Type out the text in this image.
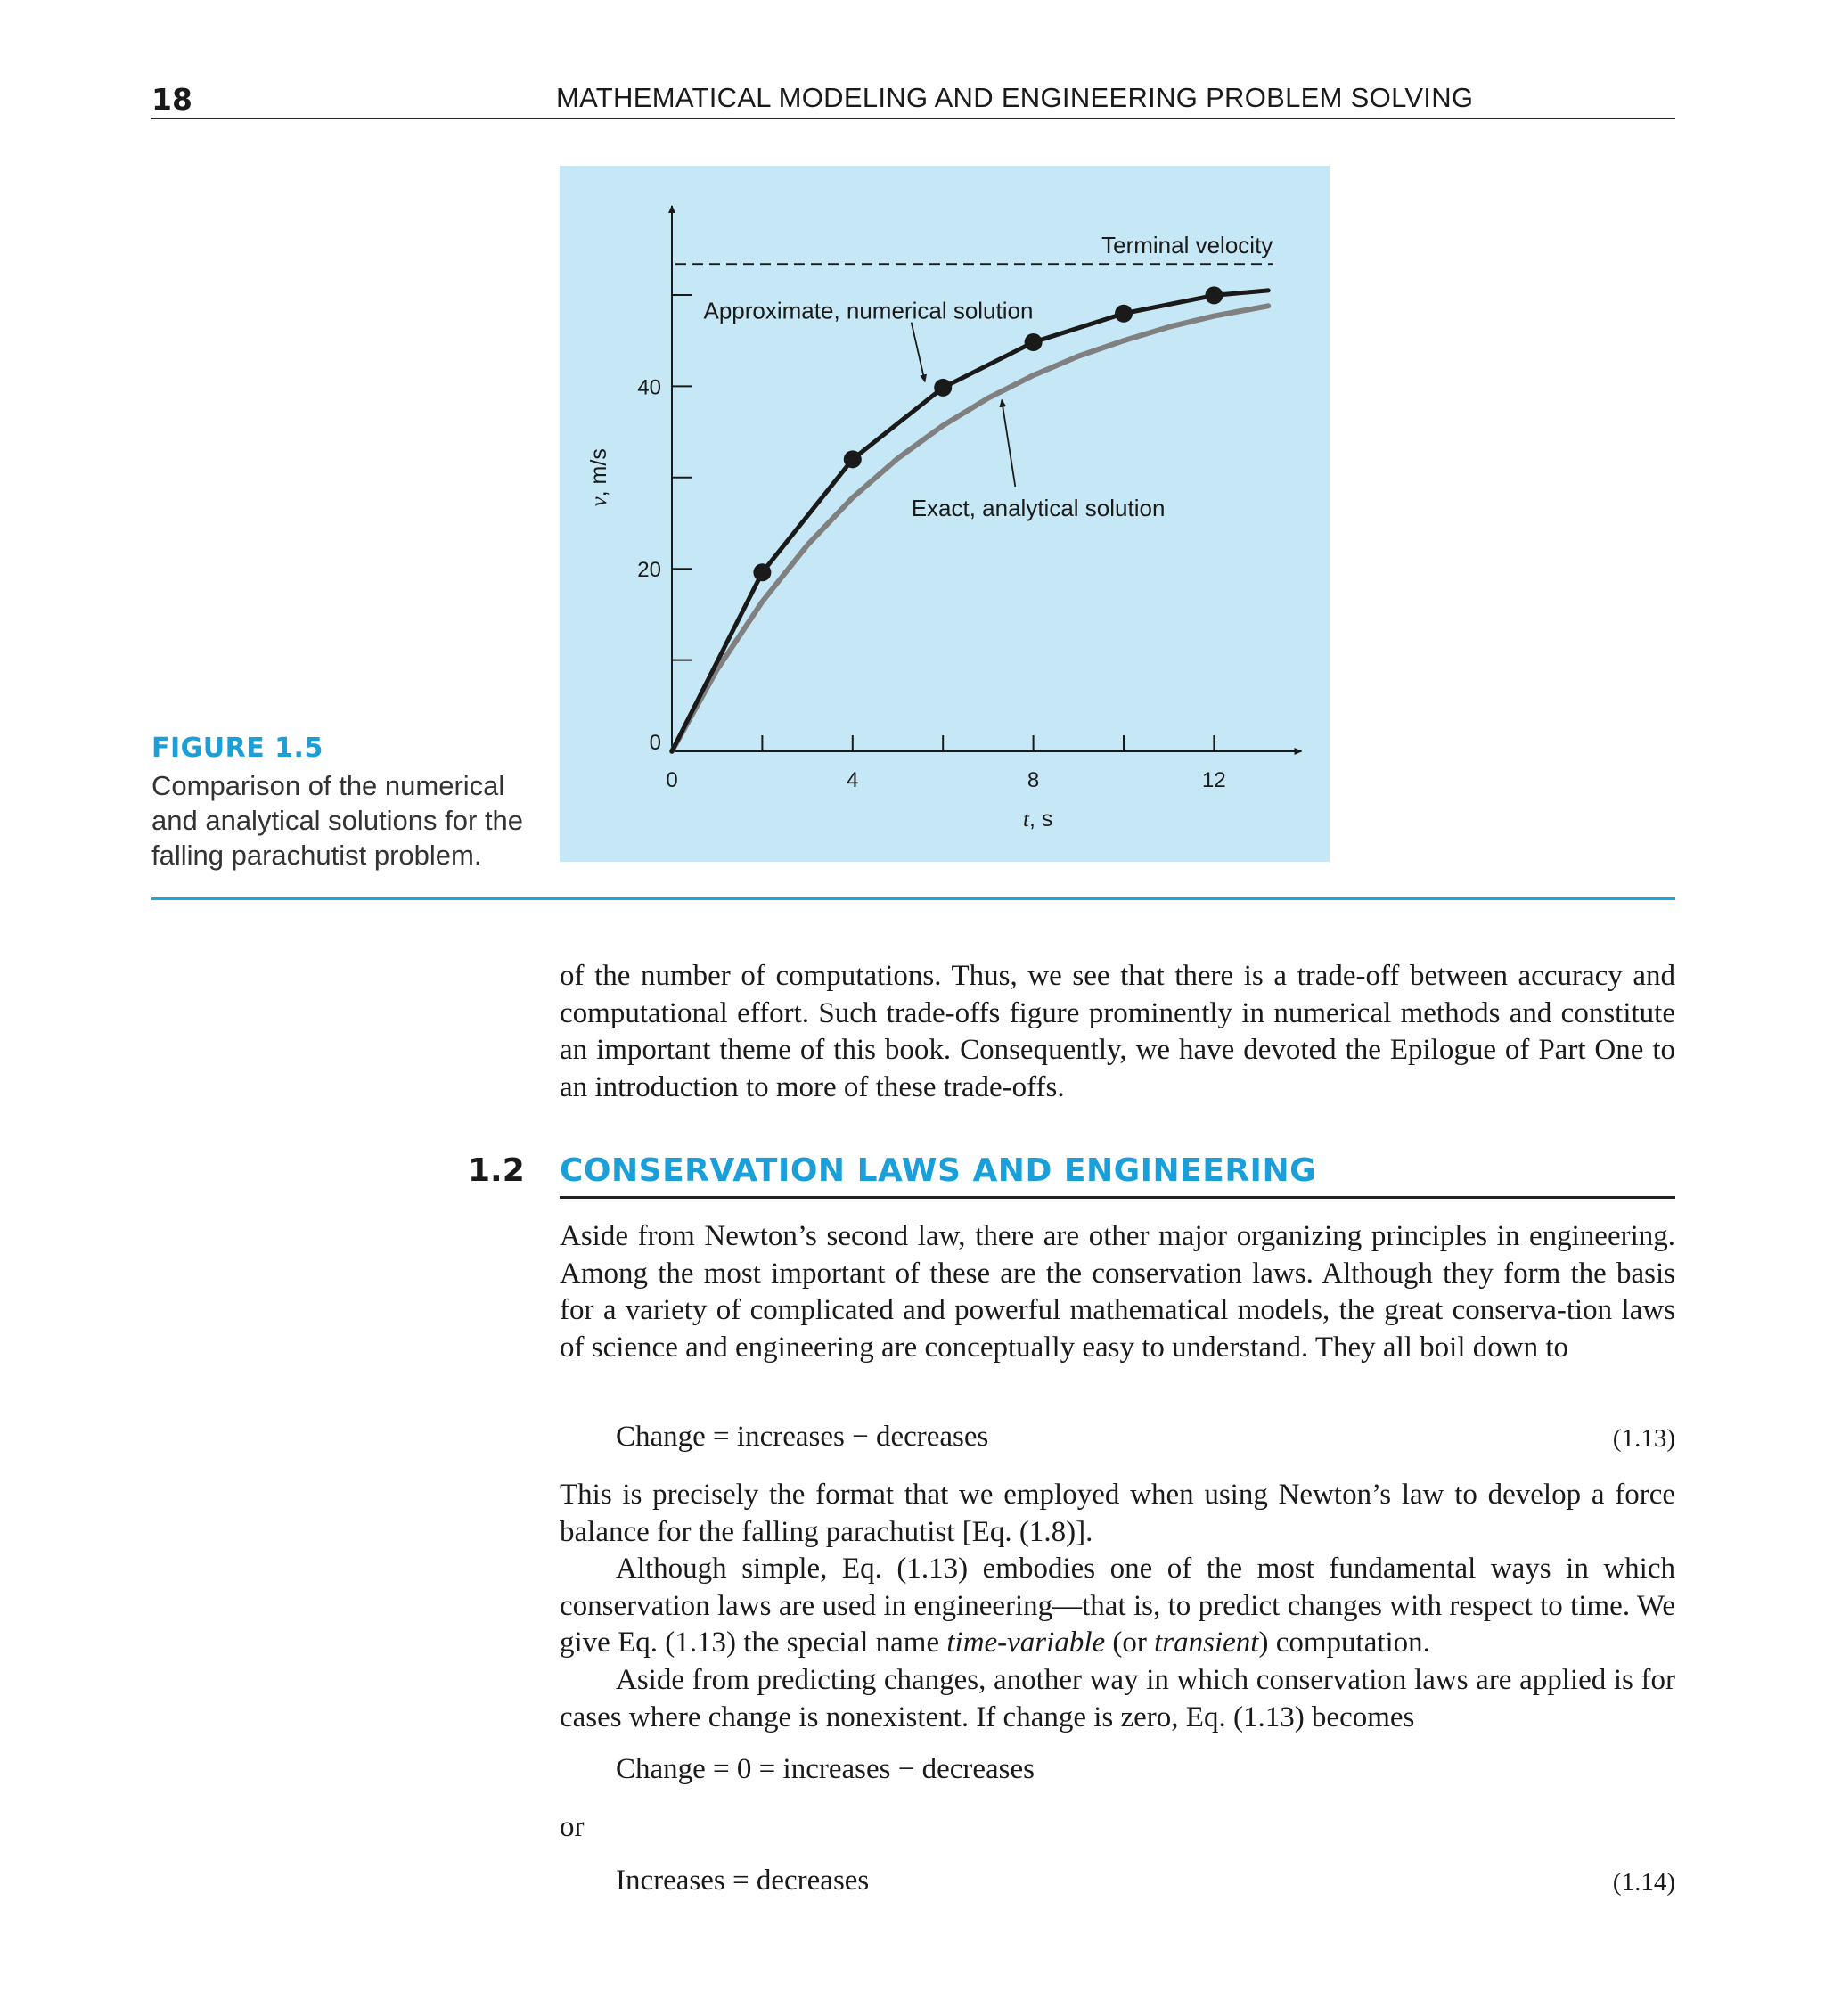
18	MATHEMATICAL MODELING AND ENGINEERING PROBLEM SOLVING
0	4	8	12
0
20
40
t, s
v, m/s
Terminal velocity
Approximate, numerical solution
Exact, analytical solution
FIGURE 1.5
Comparison of the numerical and analytical solutions for the falling parachutist problem.
of the number of computations. Thus, we see that there is a trade-off between accuracy and computational effort. Such trade-offs figure prominently in numerical methods and constitute an important theme of this book. Consequently, we have devoted the Epilogue of Part One to an introduction to more of these trade-offs.
1.2 CONSERVATION LAWS AND ENGINEERING
Aside from Newton’s second law, there are other major organizing principles in engineering. Among the most important of these are the conservation laws. Although they form the basis for a variety of complicated and powerful mathematical models, the great conserva-tion laws of science and engineering are conceptually easy to understand. They all boil down to
Change = increases − decreases	(1.13)
This is precisely the format that we employed when using Newton’s law to develop a force balance for the falling parachutist [Eq. (1.8)].
Although simple, Eq. (1.13) embodies one of the most fundamental ways in which conservation laws are used in engineering—that is, to predict changes with respect to time. We give Eq. (1.13) the special name time-variable (or transient) computation.
Aside from predicting changes, another way in which conservation laws are applied is for cases where change is nonexistent. If change is zero, Eq. (1.13) becomes
Change = 0 = increases − decreases
or
Increases = decreases	(1.14)
